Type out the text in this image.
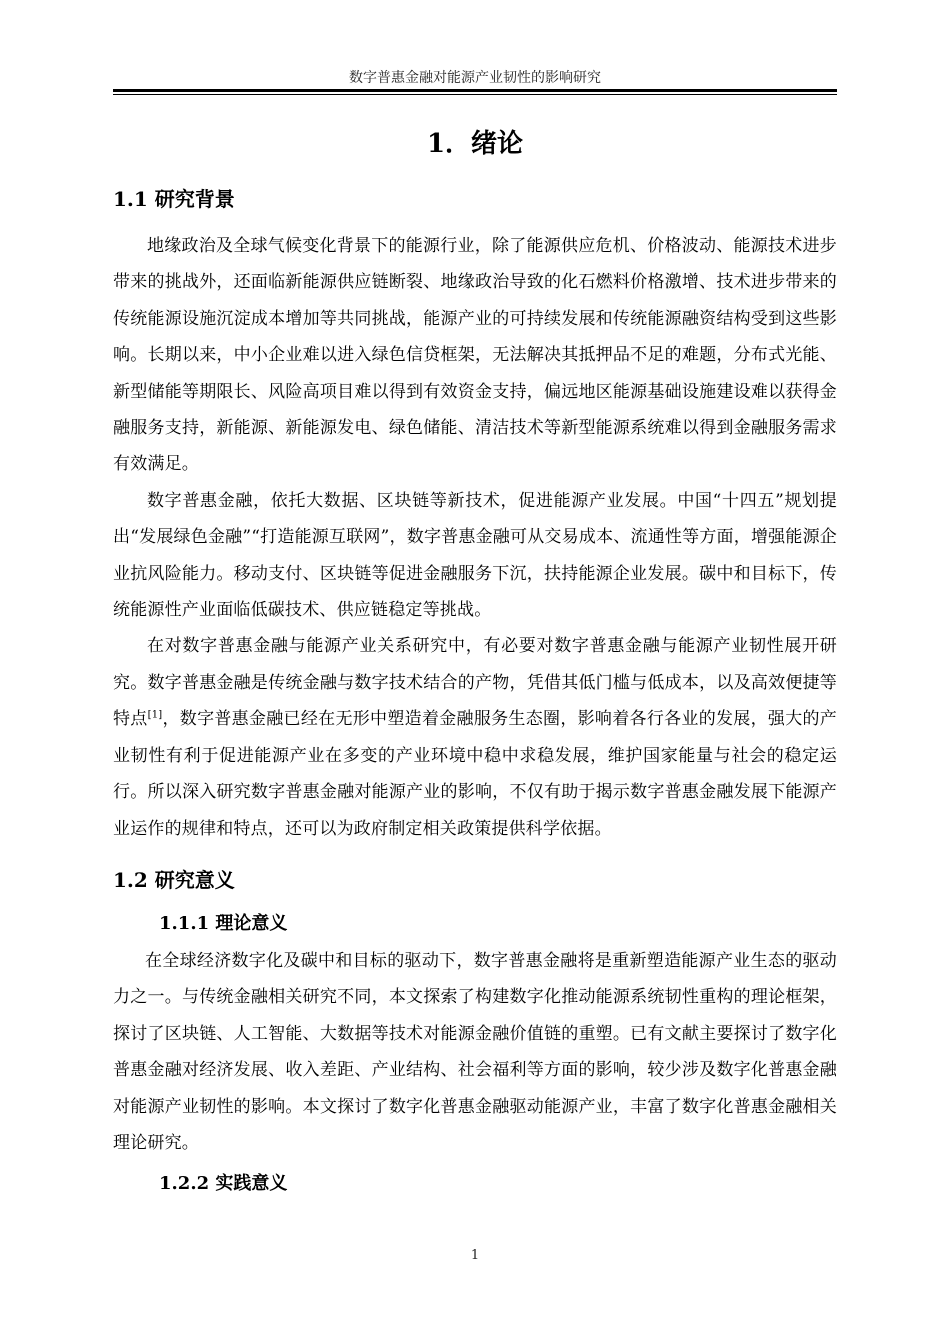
数字普惠金融对能源产业韧性的影响研究
1．绪论
1.1 研究背景

地缘政治及全球气候变化背景下的能源行业，除了能源供应危机、价格波动、能源技术进步带来的挑战外，还面临新能源供应链断裂、地缘政治导致的化石燃料价格激增、技术进步带来的传统能源设施沉淀成本增加等共同挑战，能源产业的可持续发展和传统能源融资结构受到这些影响。长期以来，中小企业难以进入绿色信贷框架，无法解决其抵押品不足的难题，分布式光能、新型储能等期限长、风险高项目难以得到有效资金支持，偏远地区能源基础设施建设难以获得金融服务支持，新能源、新能源发电、绿色储能、清洁技术等新型能源系统难以得到金融服务需求有效满足。

数字普惠金融，依托大数据、区块链等新技术，促进能源产业发展。中国“十四五”规划提出“发展绿色金融”“打造能源互联网”，数字普惠金融可从交易成本、流通性等方面，增强能源企业抗风险能力。移动支付、区块链等促进金融服务下沉，扶持能源企业发展。碳中和目标下，传统能源性产业面临低碳技术、供应链稳定等挑战。

在对数字普惠金融与能源产业关系研究中，有必要对数字普惠金融与能源产业韧性展开研究。数字普惠金融是传统金融与数字技术结合的产物，凭借其低门槛与低成本，以及高效便捷等特点[1]，数字普惠金融已经在无形中塑造着金融服务生态圈，影响着各行各业的发展，强大的产业韧性有利于促进能源产业在多变的产业环境中稳中求稳发展，维护国家能量与社会的稳定运行。所以深入研究数字普惠金融对能源产业的影响，不仅有助于揭示数字普惠金融发展下能源产业运作的规律和特点，还可以为政府制定相关政策提供科学依据。

1.2 研究意义
1.1.1 理论意义

在全球经济数字化及碳中和目标的驱动下，数字普惠金融将是重新塑造能源产业生态的驱动力之一。与传统金融相关研究不同，本文探索了构建数字化推动能源系统韧性重构的理论框架，探讨了区块链、人工智能、大数据等技术对能源金融价值链的重塑。已有文献主要探讨了数字化普惠金融对经济发展、收入差距、产业结构、社会福利等方面的影响，较少涉及数字化普惠金融对能源产业韧性的影响。本文探讨了数字化普惠金融驱动能源产业，丰富了数字化普惠金融相关理论研究。

1.2.2 实践意义
1
